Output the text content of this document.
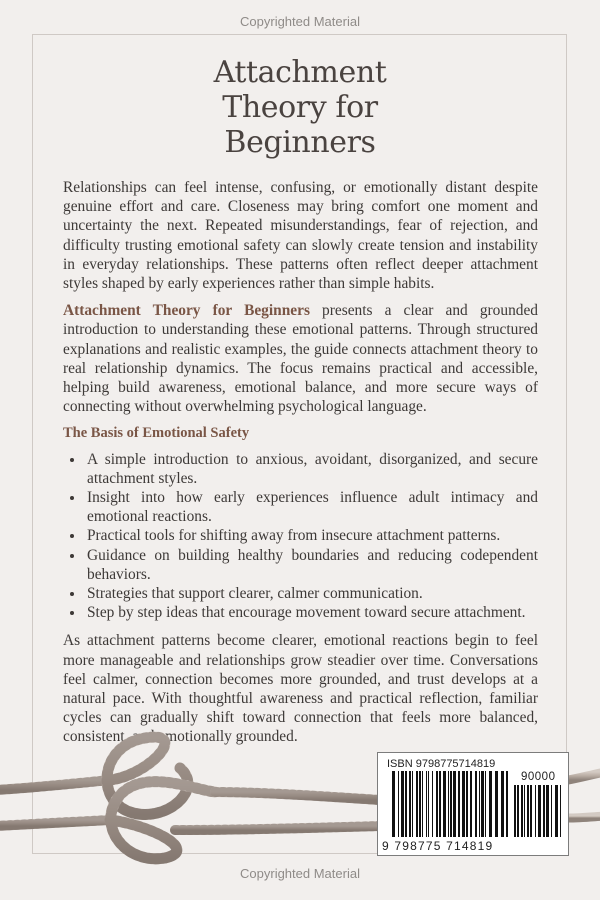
Copyrighted Material
Attachment
Theory for
Beginners

Relationships can feel intense, confusing, or emotionally distant despite genuine effort and care. Closeness may bring comfort one moment and uncertainty the next. Repeated misunderstandings, fear of rejection, and difficulty trusting emotional safety can slowly create tension and instability in everyday relationships. These patterns often reflect deeper attachment styles shaped by early experiences rather than simple habits.

Attachment Theory for Beginners presents a clear and grounded introduction to understanding these emotional patterns. Through structured explanations and realistic examples, the guide connects attachment theory to real relationship dynamics. The focus remains practical and accessible, helping build awareness, emotional balance, and more secure ways of connecting without overwhelming psychological language.

The Basis of Emotional Safety
• A simple introduction to anxious, avoidant, disorganized, and secure attachment styles.
• Insight into how early experiences influence adult intimacy and emotional reactions.
• Practical tools for shifting away from insecure attachment patterns.
• Guidance on building healthy boundaries and reducing codependent behaviors.
• Strategies that support clearer, calmer communication.
• Step by step ideas that encourage movement toward secure attachment.

As attachment patterns become clearer, emotional reactions begin to feel more manageable and relationships grow steadier over time. Conversations feel calmer, connection becomes more grounded, and trust develops at a natural pace. With thoughtful awareness and practical reflection, familiar cycles can gradually shift toward connection that feels more balanced, consistent, and emotionally grounded.

ISBN 9798775714819
90000
9 798775 714819
Copyrighted Material
